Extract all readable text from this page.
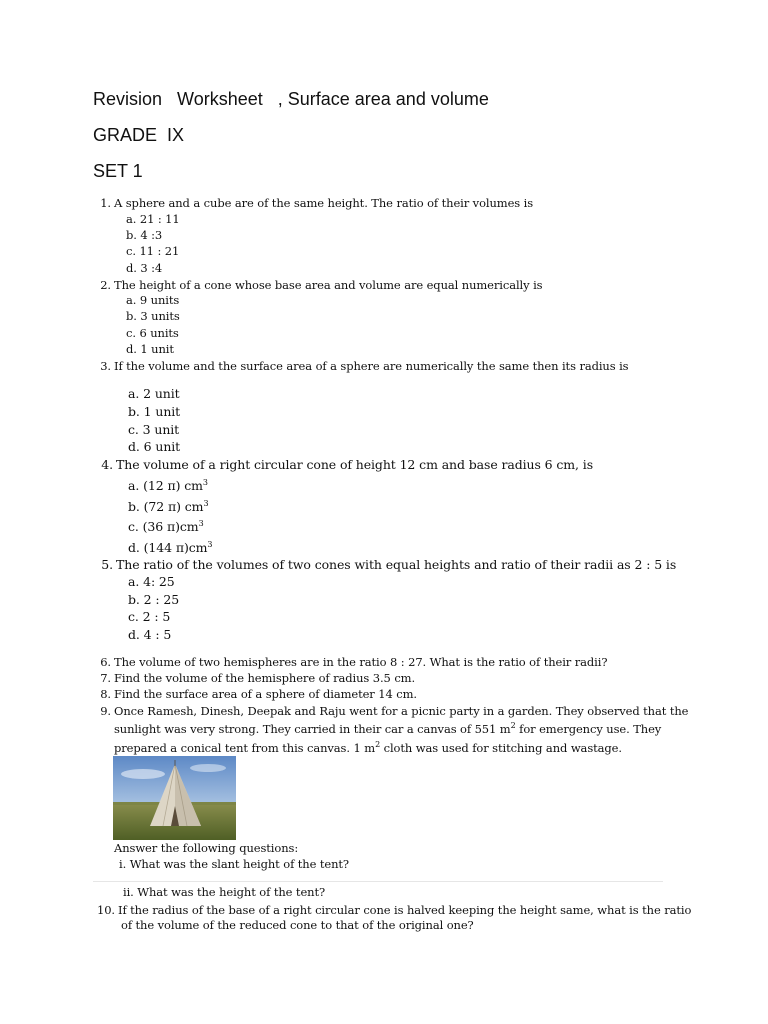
Revision   Worksheet   , Surface area and volume
GRADE  IX
SET 1
1. A sphere and a cube are of the same height. The ratio of their volumes is
a. 21 : 11
b. 4 :3
c. 11 : 21
d. 3 :4
2. The height of a cone whose base area and volume are equal numerically is
a. 9 units
b. 3 units
c. 6 units
d. 1 unit
3. If the volume and the surface area of a sphere are numerically the same then its radius is
a. 2 unit
b. 1 unit
c. 3 unit
d. 6 unit
4. The volume of a right circular cone of height 12 cm and base radius 6 cm, is
a. (12 π) $cm^3$
b. (72 π) $cm^3$
c. (36 $\pi)cm^3$
d. (144 $\pi)cm^3$
5. The ratio of the volumes of two cones with equal heights and ratio of their radii as 2 : 5 is
a. 4: 25
b. 2 : 25
c. 2 : 5
d. 4 : 5
6. The volume of two hemispheres are in the ratio 8 : 27. What is the ratio of their radii?
7. Find the volume of the hemisphere of radius 3.5 cm.
8. Find the surface area of a sphere of diameter 14 cm.
9. Once Ramesh, Dinesh, Deepak and Raju went for a picnic party in a garden. They observed that the
sunlight was very strong. They carried in their car a canvas of 551 $m^2$ for emergency use. They
prepared a conical tent from this canvas. 1 $m^2$ cloth was used for stitching and wastage.
Answer the following questions:
i. What was the slant height of the tent?
ii. What was the height of the tent?
10. If the radius of the base of a right circular cone is halved keeping the height same, what is the ratio
of the volume of the reduced cone to that of the original one?
